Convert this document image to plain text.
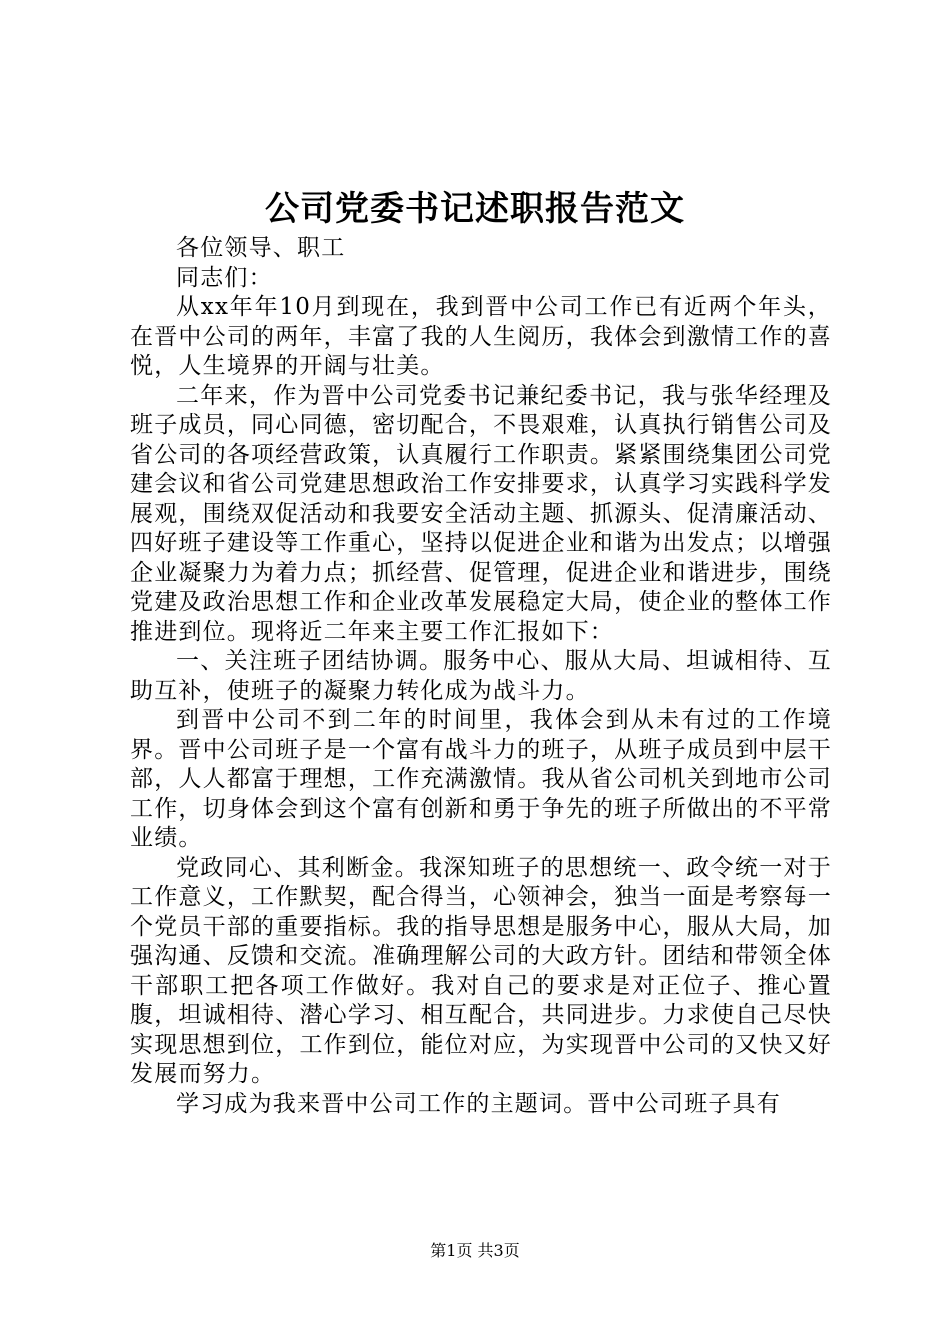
公司党委书记述职报告范文

各位领导、职工

同志们：

从xx年年10月到现在，我到晋中公司工作已有近两个年头，在晋中公司的两年，丰富了我的人生阅历，我体会到激情工作的喜悦，人生境界的开阔与壮美。

二年来，作为晋中公司党委书记兼纪委书记，我与张华经理及班子成员，同心同德，密切配合，不畏艰难，认真执行销售公司及省公司的各项经营政策，认真履行工作职责。紧紧围绕集团公司党建会议和省公司党建思想政治工作安排要求，认真学习实践科学发展观，围绕双促活动和我要安全活动主题、抓源头、促清廉活动、四好班子建设等工作重心，坚持以促进企业和谐为出发点；以增强企业凝聚力为着力点；抓经营、促管理，促进企业和谐进步，围绕党建及政治思想工作和企业改革发展稳定大局，使企业的整体工作推进到位。现将近二年来主要工作汇报如下：

一、关注班子团结协调。服务中心、服从大局、坦诚相待、互助互补，使班子的凝聚力转化成为战斗力。

到晋中公司不到二年的时间里，我体会到从未有过的工作境界。晋中公司班子是一个富有战斗力的班子，从班子成员到中层干部，人人都富于理想，工作充满激情。我从省公司机关到地市公司工作，切身体会到这个富有创新和勇于争先的班子所做出的不平常业绩。

党政同心、其利断金。我深知班子的思想统一、政令统一对于工作意义，工作默契，配合得当，心领神会，独当一面是考察每一个党员干部的重要指标。我的指导思想是服务中心，服从大局，加强沟通、反馈和交流。准确理解公司的大政方针。团结和带领全体干部职工把各项工作做好。我对自己的要求是对正位子、推心置腹，坦诚相待、潜心学习、相互配合，共同进步。力求使自己尽快实现思想到位，工作到位，能位对应，为实现晋中公司的又快又好发展而努力。

学习成为我来晋中公司工作的主题词。晋中公司班子具有

第1页 共3页
